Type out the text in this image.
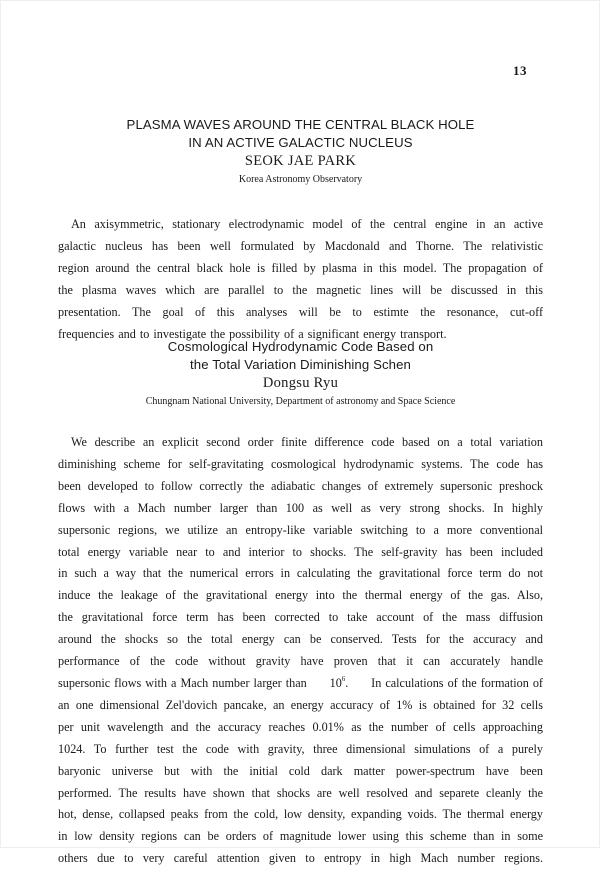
13
PLASMA WAVES AROUND THE CENTRAL BLACK HOLE
IN AN ACTIVE GALACTIC NUCLEUS
SEOK JAE PARK
Korea Astronomy Observatory
An axisymmetric, stationary electrodynamic model of the central engine in an active
galactic nucleus has been well formulated by Macdonald and Thorne. The relativistic
region around the central black hole is filled by plasma in this model. The propagation of
the plasma waves which are parallel to the magnetic lines will be discussed in this
presentation. The goal of this analyses will be to estimte the resonance, cut-off
frequencies and to investigate the possibility of a significant energy transport.
Cosmological Hydrodynamic Code Based on
the Total Variation Diminishing Schen
Dongsu Ryu
Chungnam National University, Department of astronomy and Space Science
We describe an explicit second order finite difference code based on a total variation
diminishing scheme for self-gravitating cosmological hydrodynamic systems. The code has
been developed to follow correctly the adiabatic changes of extremely supersonic preshock
flows with a Mach number larger than 100 as well as very strong shocks. In highly
supersonic regions, we utilize an entropy-like variable switching to a more conventional
total energy variable near to and interior to shocks. The self-gravity has been included
in such a way that the numerical errors in calculating the gravitational force term do not
induce the leakage of the gravitational energy into the thermal energy of the gas. Also,
the gravitational force term has been corrected to take account of the mass diffusion
around the shocks so the total energy can be conserved. Tests for the accuracy and
performance of the code without gravity have proven that it can accurately handle
supersonic flows with a Mach number larger than $10^6$. In calculations of the formation of
an one dimensional Zel'dovich pancake, an energy accuracy of 1% is obtained for 32 cells
per unit wavelength and the accuracy reaches 0.01% as the number of cells approaching
1024. To further test the code with gravity, three dimensional simulations of a purely
baryonic universe but with the initial cold dark matter power-spectrum have been
performed. The results have shown that shocks are well resolved and separete cleanly the
hot, dense, collapsed peaks from the cold, low density, expanding voids. The thermal energy
in low density regions can be orders of magnitude lower using this scheme than in some
others due to very careful attention given to entropy in high Mach number regions.
